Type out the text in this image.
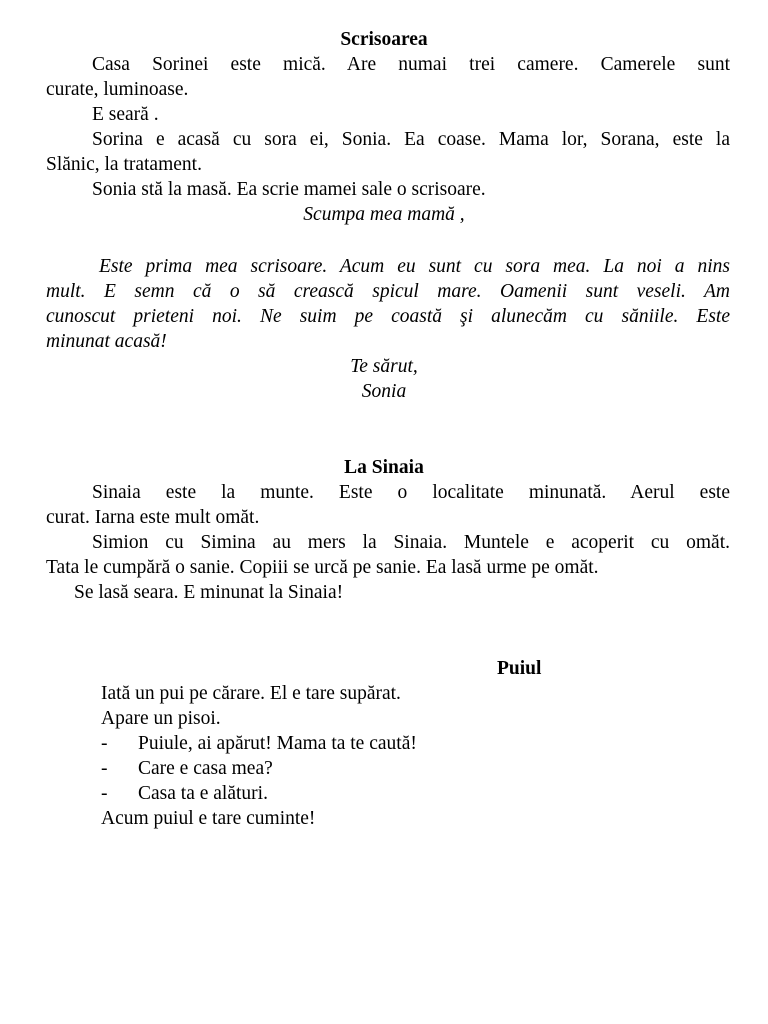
Scrisoarea
Casa Sorinei este mică. Are numai trei camere. Camerele sunt
curate, luminoase.
E seară .
Sorina e acasă cu sora ei, Sonia. Ea coase. Mama lor, Sorana, este la
Slănic, la tratament.
Sonia stă la masă. Ea scrie mamei sale o scrisoare.
Scumpa mea mamă ,
Este prima mea scrisoare. Acum eu sunt cu sora mea. La noi a nins
mult. E semn că o să crească spicul mare. Oamenii sunt veseli. Am
cunoscut prieteni noi. Ne suim pe coastă şi alunecăm cu săniile. Este
minunat acasă!
Te sărut,
Sonia
La Sinaia
Sinaia este la munte. Este o localitate minunată. Aerul este
curat. Iarna este mult omăt.
Simion cu Simina au mers la Sinaia. Muntele e acoperit cu omăt.
Tata le cumpără o sanie. Copiii se urcă pe sanie. Ea lasă urme pe omăt.
Se lasă seara. E minunat la Sinaia!
Puiul
Iată un pui pe cărare. El e tare supărat.
Apare un pisoi.
- Puiule, ai apărut! Mama ta te caută!
- Care e casa mea?
- Casa ta e alături.
Acum puiul e tare cuminte!
